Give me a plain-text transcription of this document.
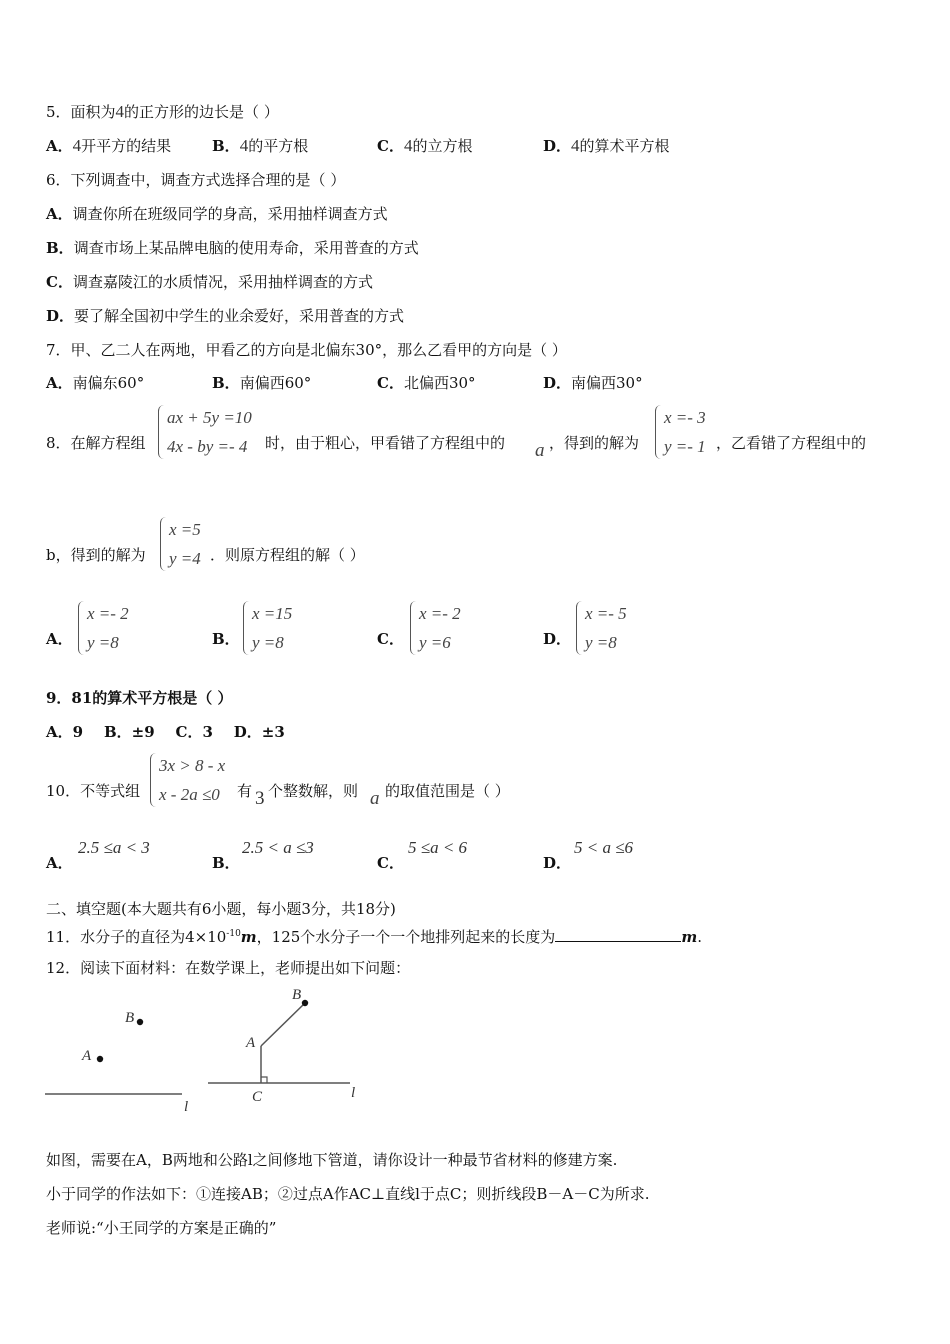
5．面积为4的正方形的边长是（ ）
A．4开平方的结果	B．4的平方根	C．4的立方根	D．4的算术平方根
6．下列调查中，调查方式选择合理的是（ ）
A．调查你所在班级同学的身高，采用抽样调查方式
B．调查市场上某品牌电脑的使用寿命，采用普查的方式
C．调查嘉陵江的水质情况，采用抽样调查的方式
D．要了解全国初中学生的业余爱好，采用普查的方式
7．甲、乙二人在两地，甲看乙的方向是北偏东30°，那么乙看甲的方向是（ ）
A．南偏东60°	B．南偏西60°	C．北偏西30°	D．南偏西30°
8．在解方程组
ax + 5y =10
4x - by =- 4 时，由于粗心，甲看错了方程组中的 a ，得到的解为
x =- 3
y =- 1 ，乙看错了方程组中的
b，得到的解为
x =5
y =4 ．则原方程组的解（ ）
A．
x =- 2
y =8	B．
x =15
y =8	C．
x =- 2
y =6	D．
x =- 5
y =8
9．81的算术平方根是（ ）
A．9    B．±9    C．3    D．±3
10．不等式组
3x > 8 - x
x - 2a ≤0 有 3 个整数解，则 a 的取值范围是（ ）
A．
2.5 ≤a < 3
B．
2.5 < a ≤3
C．
5 ≤a < 6
D．
5 < a ≤6
二、填空题(本大题共有6小题，每小题3分，共18分)
11．水分子的直径为$4\times 10^{-10}m$，125个水分子一个一个地排列起来的长度为	m.
12．阅读下面材料：在数学课上，老师提出如下问题：
B
A
l
B
A
C	l
如图，需要在A，B两地和公路l之间修地下管道，请你设计一种最节省材料的修建方案.
小于同学的作法如下：①连接AB；②过点A作AC⊥直线l于点C；则折线段B－A－C为所求.
老师说:“小王同学的方案是正确的”
